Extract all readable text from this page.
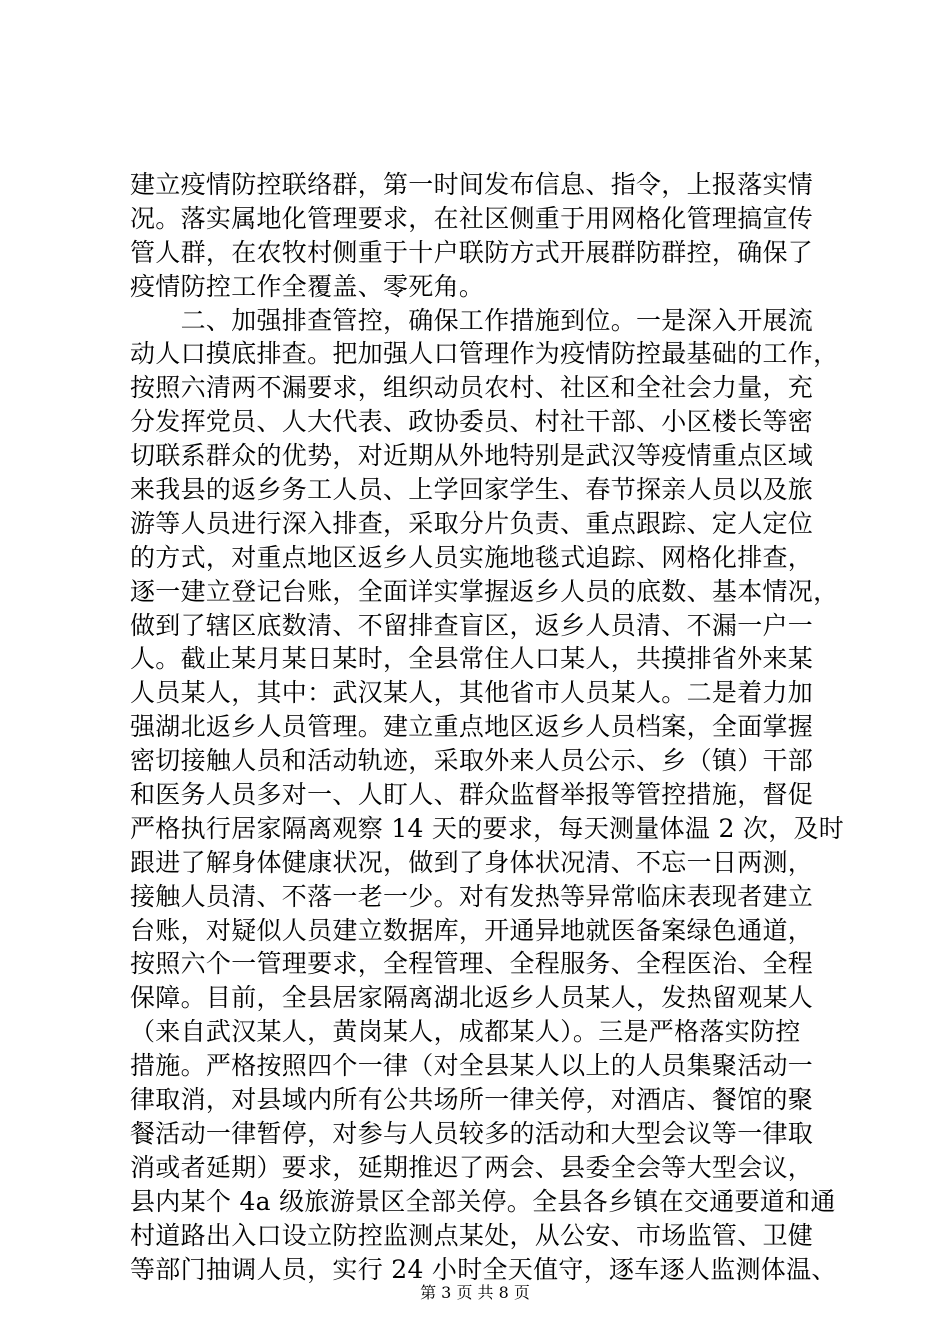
建立疫情防控联络群，第一时间发布信息、指令，上报落实情
况。落实属地化管理要求，在社区侧重于用网格化管理搞宣传
管人群，在农牧村侧重于十户联防方式开展群防群控，确保了
疫情防控工作全覆盖、零死角。
　　二、加强排查管控，确保工作措施到位。一是深入开展流
动人口摸底排查。把加强人口管理作为疫情防控最基础的工作，
按照六清两不漏要求，组织动员农村、社区和全社会力量，充
分发挥党员、人大代表、政协委员、村社干部、小区楼长等密
切联系群众的优势，对近期从外地特别是武汉等疫情重点区域
来我县的返乡务工人员、上学回家学生、春节探亲人员以及旅
游等人员进行深入排查，采取分片负责、重点跟踪、定人定位
的方式，对重点地区返乡人员实施地毯式追踪、网格化排查，
逐一建立登记台账，全面详实掌握返乡人员的底数、基本情况，
做到了辖区底数清、不留排查盲区，返乡人员清、不漏一户一
人。截止某月某日某时，全县常住人口某人，共摸排省外来某
人员某人，其中：武汉某人，其他省市人员某人。二是着力加
强湖北返乡人员管理。建立重点地区返乡人员档案，全面掌握
密切接触人员和活动轨迹，采取外来人员公示、乡（镇）干部
和医务人员多对一、人盯人、群众监督举报等管控措施，督促
严格执行居家隔离观察 14 天的要求，每天测量体温 2 次，及时
跟进了解身体健康状况，做到了身体状况清、不忘一日两测，
接触人员清、不落一老一少。对有发热等异常临床表现者建立
台账，对疑似人员建立数据库，开通异地就医备案绿色通道，
按照六个一管理要求，全程管理、全程服务、全程医治、全程
保障。目前，全县居家隔离湖北返乡人员某人，发热留观某人
（来自武汉某人，黄岗某人，成都某人）。三是严格落实防控
措施。严格按照四个一律（对全县某人以上的人员集聚活动一
律取消，对县域内所有公共场所一律关停，对酒店、餐馆的聚
餐活动一律暂停，对参与人员较多的活动和大型会议等一律取
消或者延期）要求，延期推迟了两会、县委全会等大型会议，
县内某个 4a 级旅游景区全部关停。全县各乡镇在交通要道和通
村道路出入口设立防控监测点某处，从公安、市场监管、卫健
等部门抽调人员，实行 24 小时全天值守，逐车逐人监测体温、
第 3 页 共 8 页
